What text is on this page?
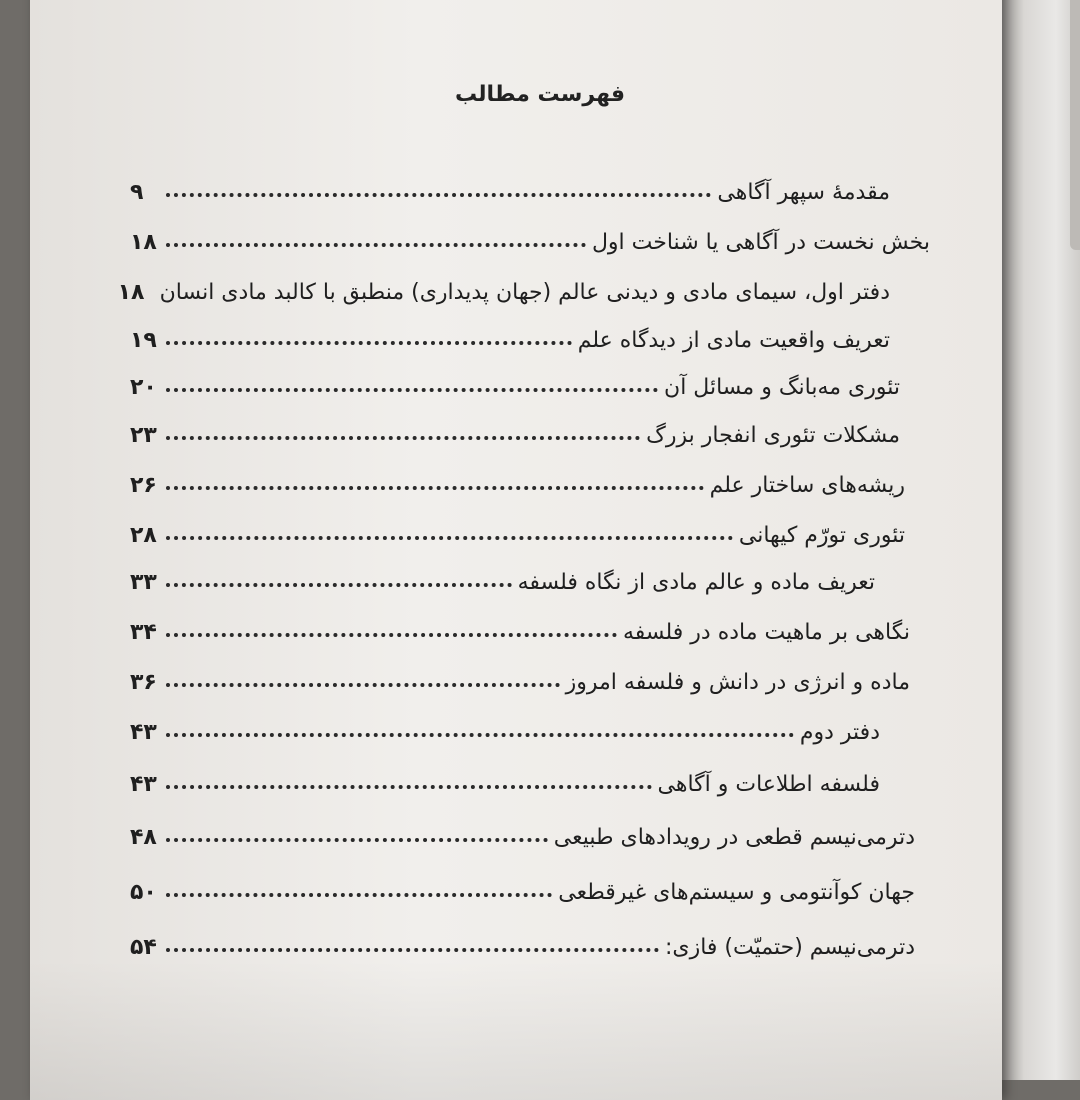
فهرست مطالب
مقدمهٔ سپهر آگاهی
۹
بخش نخست در آگاهی یا شناخت اول
۱۸
دفتر اول، سیمای مادی و دیدنی عالم (جهان پدیداری) منطبق با کالبد مادی انسان
۱۸
تعریف واقعیت مادی از دیدگاه علم
۱۹
تئوری مه‌بانگ و مسائل آن
۲۰
مشکلات تئوری انفجار بزرگ
۲۳
ریشه‌های ساختار علم
۲۶
تئوری تورّم کیهانی
۲۸
تعریف ماده و عالم مادی از نگاه فلسفه
۳۳
نگاهی بر ماهیت ماده در فلسفه
۳۴
ماده و انرژی در دانش و فلسفه امروز
۳۶
دفتر دوم
۴۳
فلسفه اطلاعات و آگاهی
۴۳
دترمی‌نیسم قطعی در رویدادهای طبیعی
۴۸
جهان کوآنتومی و سیستم‌های غیرقطعی
۵۰
دترمی‌نیسم (حتمیّت) فازی:
۵۴
